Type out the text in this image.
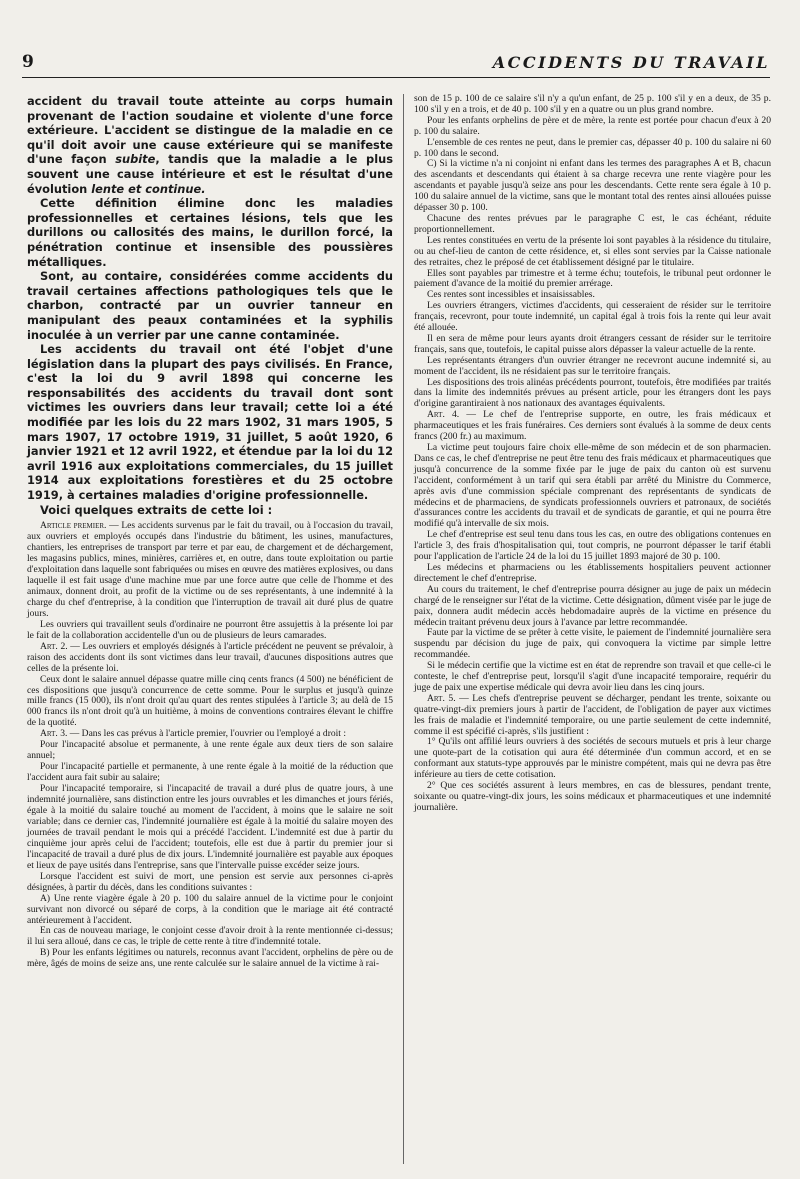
9	ACCIDENTS DU TRAVAIL

accident du travail toute atteinte au corps humain provenant de l'action soudaine et violente d'une force extérieure. L'accident se distingue de la maladie en ce qu'il doit avoir une cause extérieure qui se manifeste d'une façon subite, tandis que la maladie a le plus souvent une cause intérieure et est le résultat d'une évolution lente et continue.

Cette définition élimine donc les maladies professionnelles et certaines lésions, tels que les durillons ou callosités des mains, le durillon forcé, la pénétration continue et insensible des poussières métalliques.

Sont, au contaire, considérées comme accidents du travail certaines affections pathologiques tels que le charbon, contracté par un ouvrier tanneur en manipulant des peaux contaminées et la syphilis inoculée à un verrier par une canne contaminée.

Les accidents du travail ont été l'objet d'une législation dans la plupart des pays civilisés. En France, c'est la loi du 9 avril 1898 qui concerne les responsabilités des accidents du travail dont sont victimes les ouvriers dans leur travail; cette loi a été modifiée par les lois du 22 mars 1902, 31 mars 1905, 5 mars 1907, 17 octobre 1919, 31 juillet, 5 août 1920, 6 janvier 1921 et 12 avril 1922, et étendue par la loi du 12 avril 1916 aux exploitations commerciales, du 15 juillet 1914 aux exploitations forestières et du 25 octobre 1919, à certaines maladies d'origine professionnelle.

Voici quelques extraits de cette loi :

Article premier. — Les accidents survenus par le fait du travail, ou à l'occasion du travail, aux ouvriers et employés occupés dans l'industrie du bâtiment, les usines, manufactures, chantiers, les entreprises de transport par terre et par eau, de chargement et de déchargement, les magasins publics, mines, minières, carrières et, en outre, dans toute exploitation ou partie d'exploitation dans laquelle sont fabriquées ou mises en œuvre des matières explosives, ou dans laquelle il est fait usage d'une machine mue par une force autre que celle de l'homme et des animaux, donnent droit, au profit de la victime ou de ses représentants, à une indemnité à la charge du chef d'entreprise, à la condition que l'interruption de travail ait duré plus de quatre jours.

Les ouvriers qui travaillent seuls d'ordinaire ne pourront être assujettis à la présente loi par le fait de la collaboration accidentelle d'un ou de plusieurs de leurs camarades.

Art. 2. — Les ouvriers et employés désignés à l'article précédent ne peuvent se prévaloir, à raison des accidents dont ils sont victimes dans leur travail, d'aucunes dispositions autres que celles de la présente loi.

Ceux dont le salaire annuel dépasse quatre mille cinq cents francs (4 500) ne bénéficient de ces dispositions que jusqu'à concurrence de cette somme. Pour le surplus et jusqu'à quinze mille francs (15 000), ils n'ont droit qu'au quart des rentes stipulées à l'article 3; au delà de 15 000 francs ils n'ont droit qu'à un huitième, à moins de conventions contraires élevant le chiffre de la quotité.

Art. 3. — Dans les cas prévus à l'article premier, l'ouvrier ou l'employé a droit :

Pour l'incapacité absolue et permanente, à une rente égale aux deux tiers de son salaire annuel;

Pour l'incapacité partielle et permanente, à une rente égale à la moitié de la réduction que l'accident aura fait subir au salaire;

Pour l'incapacité temporaire, si l'incapacité de travail a duré plus de quatre jours, à une indemnité journalière, sans distinction entre les jours ouvrables et les dimanches et jours fériés, égale à la moitié du salaire touché au moment de l'accident, à moins que le salaire ne soit variable; dans ce dernier cas, l'indemnité journalière est égale à la moitié du salaire moyen des journées de travail pendant le mois qui a précédé l'accident. L'indemnité est due à partir du cinquième jour après celui de l'accident; toutefois, elle est due à partir du premier jour si l'incapacité de travail a duré plus de dix jours. L'indemnité journalière est payable aux époques et lieux de paye usités dans l'entreprise, sans que l'intervalle puisse excéder seize jours.

Lorsque l'accident est suivi de mort, une pension est servie aux personnes ci-après désignées, à partir du décès, dans les conditions suivantes :

A) Une rente viagère égale à 20 p. 100 du salaire annuel de la victime pour le conjoint survivant non divorcé ou séparé de corps, à la condition que le mariage ait été contracté antérieurement à l'accident.

En cas de nouveau mariage, le conjoint cesse d'avoir droit à la rente mentionnée ci-dessus; il lui sera alloué, dans ce cas, le triple de cette rente à titre d'indemnité totale.

B) Pour les enfants légitimes ou naturels, reconnus avant l'accident, orphelins de père ou de mère, âgés de moins de seize ans, une rente calculée sur le salaire annuel de la victime à rai-

son de 15 p. 100 de ce salaire s'il n'y a qu'un enfant, de 25 p. 100 s'il y en a deux, de 35 p. 100 s'il y en a trois, et de 40 p. 100 s'il y en a quatre ou un plus grand nombre.

Pour les enfants orphelins de père et de mère, la rente est portée pour chacun d'eux à 20 p. 100 du salaire.

L'ensemble de ces rentes ne peut, dans le premier cas, dépasser 40 p. 100 du salaire ni 60 p. 100 dans le second.

C) Si la victime n'a ni conjoint ni enfant dans les termes des paragraphes A et B, chacun des ascendants et descendants qui étaient à sa charge recevra une rente viagère pour les ascendants et payable jusqu'à seize ans pour les descendants. Cette rente sera égale à 10 p. 100 du salaire annuel de la victime, sans que le montant total des rentes ainsi allouées puisse dépasser 30 p. 100.

Chacune des rentes prévues par le paragraphe C est, le cas échéant, réduite proportionnellement.

Les rentes constituées en vertu de la présente loi sont payables à la résidence du titulaire, ou au chef-lieu de canton de cette résidence, et, si elles sont servies par la Caisse nationale des retraites, chez le préposé de cet établissement désigné par le titulaire.

Elles sont payables par trimestre et à terme échu; toutefois, le tribunal peut ordonner le paiement d'avance de la moitié du premier arrérage.

Ces rentes sont incessibles et insaisissables.

Les ouvriers étrangers, victimes d'accidents, qui cesseraient de résider sur le territoire français, recevront, pour toute indemnité, un capital égal à trois fois la rente qui leur avait été allouée.

Il en sera de même pour leurs ayants droit étrangers cessant de résider sur le territoire français, sans que, toutefois, le capital puisse alors dépasser la valeur actuelle de la rente.

Les représentants étrangers d'un ouvrier étranger ne recevront aucune indemnité si, au moment de l'accident, ils ne résidaient pas sur le territoire français.

Les dispositions des trois alinéas précédents pourront, toutefois, être modifiées par traités dans la limite des indemnités prévues au présent article, pour les étrangers dont les pays d'origine garantiraient à nos nationaux des avantages équivalents.

Art. 4. — Le chef de l'entreprise supporte, en outre, les frais médicaux et pharmaceutiques et les frais funéraires. Ces derniers sont évalués à la somme de deux cents francs (200 fr.) au maximum.

La victime peut toujours faire choix elle-même de son médecin et de son pharmacien. Dans ce cas, le chef d'entreprise ne peut être tenu des frais médicaux et pharmaceutiques que jusqu'à concurrence de la somme fixée par le juge de paix du canton où est survenu l'accident, conformément à un tarif qui sera établi par arrêté du Ministre du Commerce, après avis d'une commission spéciale comprenant des représentants de syndicats de médecins et de pharmaciens, de syndicats professionnels ouvriers et patronaux, de sociétés d'assurances contre les accidents du travail et de syndicats de garantie, et qui ne pourra être modifié qu'à intervalle de six mois.

Le chef d'entreprise est seul tenu dans tous les cas, en outre des obligations contenues en l'article 3, des frais d'hospitalisation qui, tout compris, ne pourront dépasser le tarif établi pour l'application de l'article 24 de la loi du 15 juillet 1893 majoré de 30 p. 100.

Les médecins et pharmaciens ou les établissements hospitaliers peuvent actionner directement le chef d'entreprise.

Au cours du traitement, le chef d'entreprise pourra désigner au juge de paix un médecin chargé de le renseigner sur l'état de la victime. Cette désignation, dûment visée par le juge de paix, donnera audit médecin accès hebdomadaire auprès de la victime en présence du médecin traitant prévenu deux jours à l'avance par lettre recommandée.

Faute par la victime de se prêter à cette visite, le paiement de l'indemnité journalière sera suspendu par décision du juge de paix, qui convoquera la victime par simple lettre recommandée.

Si le médecin certifie que la victime est en état de reprendre son travail et que celle-ci le conteste, le chef d'entreprise peut, lorsqu'il s'agit d'une incapacité temporaire, requérir du juge de paix une expertise médicale qui devra avoir lieu dans les cinq jours.

Art. 5. — Les chefs d'entreprise peuvent se décharger, pendant les trente, soixante ou quatre-vingt-dix premiers jours à partir de l'accident, de l'obligation de payer aux victimes les frais de maladie et l'indemnité temporaire, ou une partie seulement de cette indemnité, comme il est spécifié ci-après, s'ils justifient :

1° Qu'ils ont affilié leurs ouvriers à des sociétés de secours mutuels et pris à leur charge une quote-part de la cotisation qui aura été déterminée d'un commun accord, et en se conformant aux statuts-type approuvés par le ministre compétent, mais qui ne devra pas être inférieure au tiers de cette cotisation.

2° Que ces sociétés assurent à leurs membres, en cas de blessures, pendant trente, soixante ou quatre-vingt-dix jours, les soins médicaux et pharmaceutiques et une indemnité journalière.
